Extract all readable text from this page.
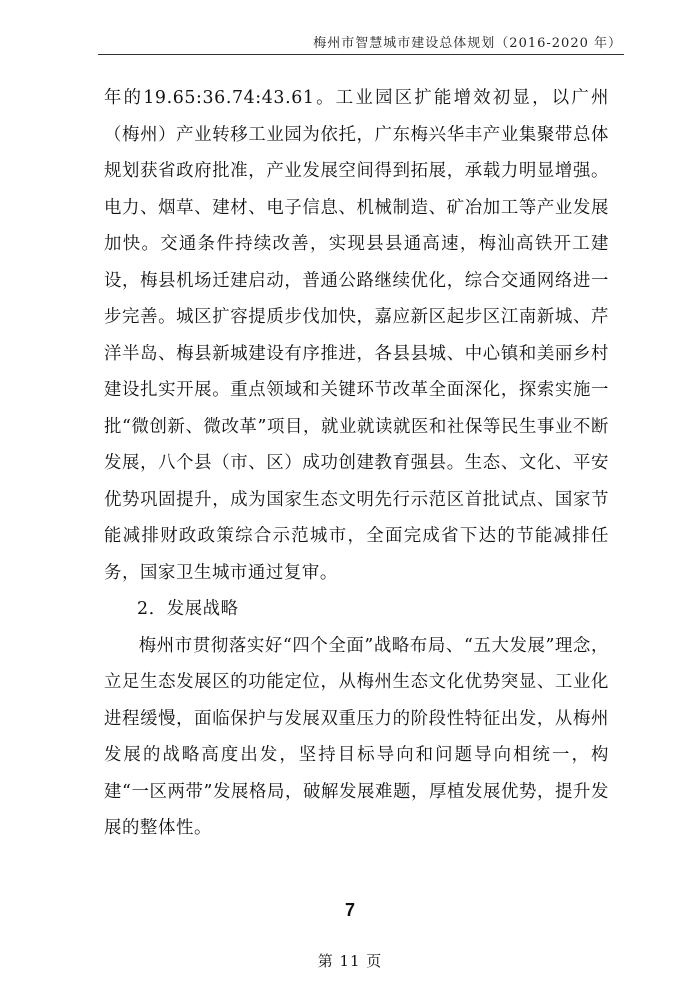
梅州市智慧城市建设总体规划（2016-2020 年）

年的19.65:36.74:43.61。工业园区扩能增效初显，以广州（梅州）产业转移工业园为依托，广东梅兴华丰产业集聚带总体规划获省政府批准，产业发展空间得到拓展，承载力明显增强。电力、烟草、建材、电子信息、机械制造、矿冶加工等产业发展加快。交通条件持续改善，实现县县通高速，梅汕高铁开工建设，梅县机场迁建启动，普通公路继续优化，综合交通网络进一步完善。城区扩容提质步伐加快，嘉应新区起步区江南新城、芹洋半岛、梅县新城建设有序推进，各县县城、中心镇和美丽乡村建设扎实开展。重点领域和关键环节改革全面深化，探索实施一批“微创新、微改革”项目，就业就读就医和社保等民生事业不断发展，八个县（市、区）成功创建教育强县。生态、文化、平安优势巩固提升，成为国家生态文明先行示范区首批试点、国家节能减排财政政策综合示范城市，全面完成省下达的节能减排任务，国家卫生城市通过复审。

2．发展战略

梅州市贯彻落实好“四个全面”战略布局、“五大发展”理念，立足生态发展区的功能定位，从梅州生态文化优势突显、工业化进程缓慢，面临保护与发展双重压力的阶段性特征出发，从梅州发展的战略高度出发，坚持目标导向和问题导向相统一，构建“一区两带”发展格局，破解发展难题，厚植发展优势，提升发展的整体性。

7
第 11 页
